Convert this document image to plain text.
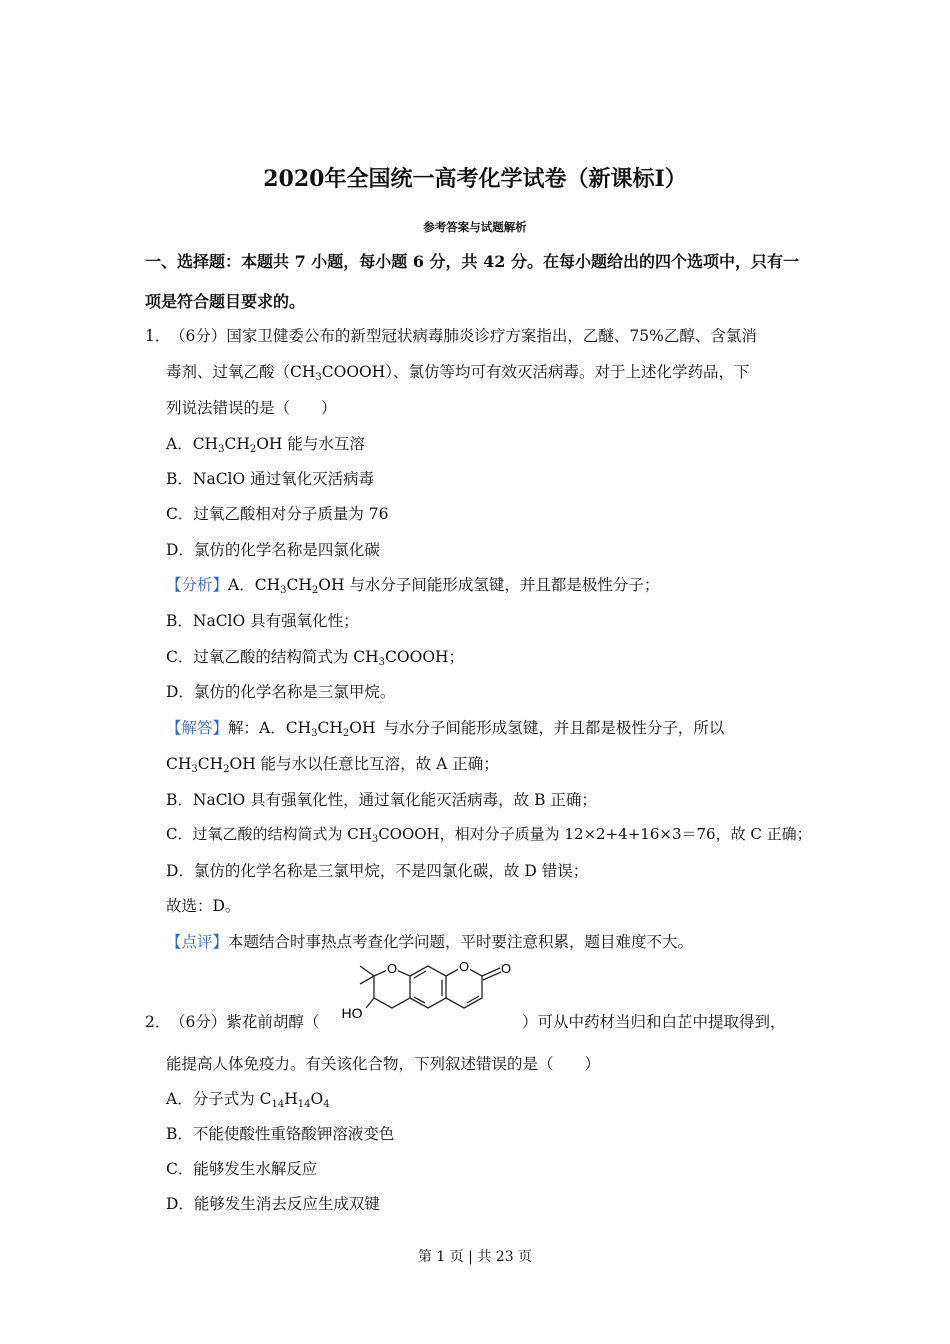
2020年全国统一高考化学试卷（新课标Ⅰ）
参考答案与试题解析
一、选择题：本题共 7 小题，每小题 6 分，共 42 分。在每小题给出的四个选项中，只有一
项是符合题目要求的。
1． （6分）国家卫健委公布的新型冠状病毒肺炎诊疗方案指出，乙醚、75%乙醇、含氯消
毒剂、过氧乙酸$(CH_3COOOH)$、氯仿等均可有效灭活病毒。对于上述化学药品，下
列说法错误的是（　　）
A．$CH_3CH_2OH$ 能与水互溶
B．NaClO 通过氧化灭活病毒
C．过氧乙酸相对分子质量为 76
D．氯仿的化学名称是四氯化碳
【分析】A．$CH_3CH_2OH$ 与水分子间能形成氢键，并且都是极性分子；
B．NaClO 具有强氧化性；
C．过氧乙酸的结构简式为 $CH_3COOOH$；
D．氯仿的化学名称是三氯甲烷。
【解答】解：A．$CH_3CH_2OH$ 与水分子间能形成氢键，并且都是极性分子，所以
$CH_3CH_2OH$ 能与水以任意比互溶，故 A 正确；
B．NaClO 具有强氧化性，通过氧化能灭活病毒，故 B 正确；
C．过氧乙酸的结构简式为 $CH_3COOOH$，相对分子质量为 12×2+4+16×3＝76，故 C 正确；
D．氯仿的化学名称是三氯甲烷，不是四氯化碳，故 D 错误；
故选：D。
【点评】本题结合时事热点考查化学问题，平时要注意积累，题目难度不大。
2． （6分）紫花前胡醇（
O	O O
HO	）可从中药材当归和白芷中提取得到，
能提高人体免疫力。有关该化合物，下列叙述错误的是（　　）
A．分子式为 $C_{14}H_{14}O_4$
B．不能使酸性重铬酸钾溶液变色
C．能够发生水解反应
D．能够发生消去反应生成双键
第 1 页 | 共 23 页
